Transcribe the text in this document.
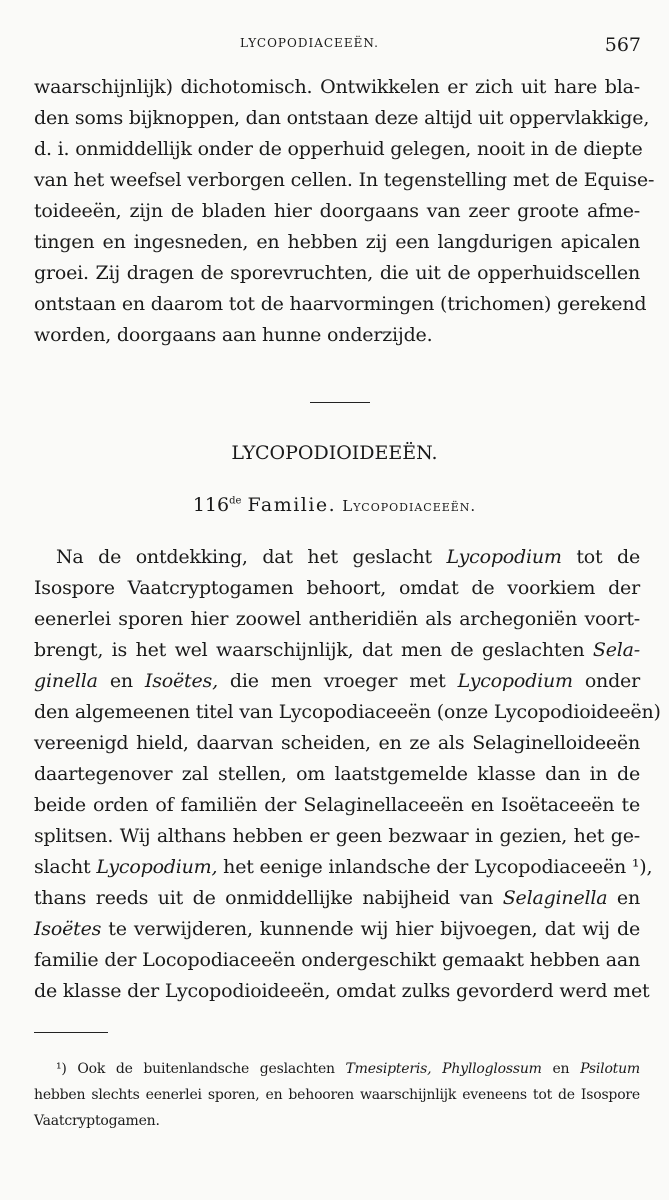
LYCOPODIACEEËN.	567
waarschijnlijk) dichotomisch. Ontwikkelen er zich uit hare bla-
den soms bijknoppen, dan ontstaan deze altijd uit oppervlakkige,
d. i. onmiddellijk onder de opperhuid gelegen, nooit in de diepte
van het weefsel verborgen cellen. In tegenstelling met de Equise-
toideeën, zijn de bladen hier doorgaans van zeer groote afme-
tingen en ingesneden, en hebben zij een langdurigen apicalen
groei. Zij dragen de sporevruchten, die uit de opperhuidscellen
ontstaan en daarom tot de haarvormingen (trichomen) gerekend
worden, doorgaans aan hunne onderzijde.
LYCOPODIOIDEEËN.
116de Familie. Lycopodiaceeën.
Na de ontdekking, dat het geslacht Lycopodium tot de
Isospore Vaatcryptogamen behoort, omdat de voorkiem der
eenerlei sporen hier zoowel antheridiën als archegoniën voort-
brengt, is het wel waarschijnlijk, dat men de geslachten Sela-
ginella en Isoëtes, die men vroeger met Lycopodium onder
den algemeenen titel van Lycopodiaceeën (onze Lycopodioideeën)
vereenigd hield, daarvan scheiden, en ze als Selaginelloideeën
daartegenover zal stellen, om laatstgemelde klasse dan in de
beide orden of familiën der Selaginellaceeën en Isoëtaceeën te
splitsen. Wij althans hebben er geen bezwaar in gezien, het ge-
slacht Lycopodium, het eenige inlandsche der Lycopodiaceeën ¹),
thans reeds uit de onmiddellijke nabijheid van Selaginella en
Isoëtes te verwijderen, kunnende wij hier bijvoegen, dat wij de
familie der Locopodiaceeën ondergeschikt gemaakt hebben aan
de klasse der Lycopodioideeën, omdat zulks gevorderd werd met
¹) Ook de buitenlandsche geslachten Tmesipteris, Phylloglossum en Psilotum
hebben slechts eenerlei sporen, en behooren waarschijnlijk eveneens tot de Isospore
Vaatcryptogamen.
